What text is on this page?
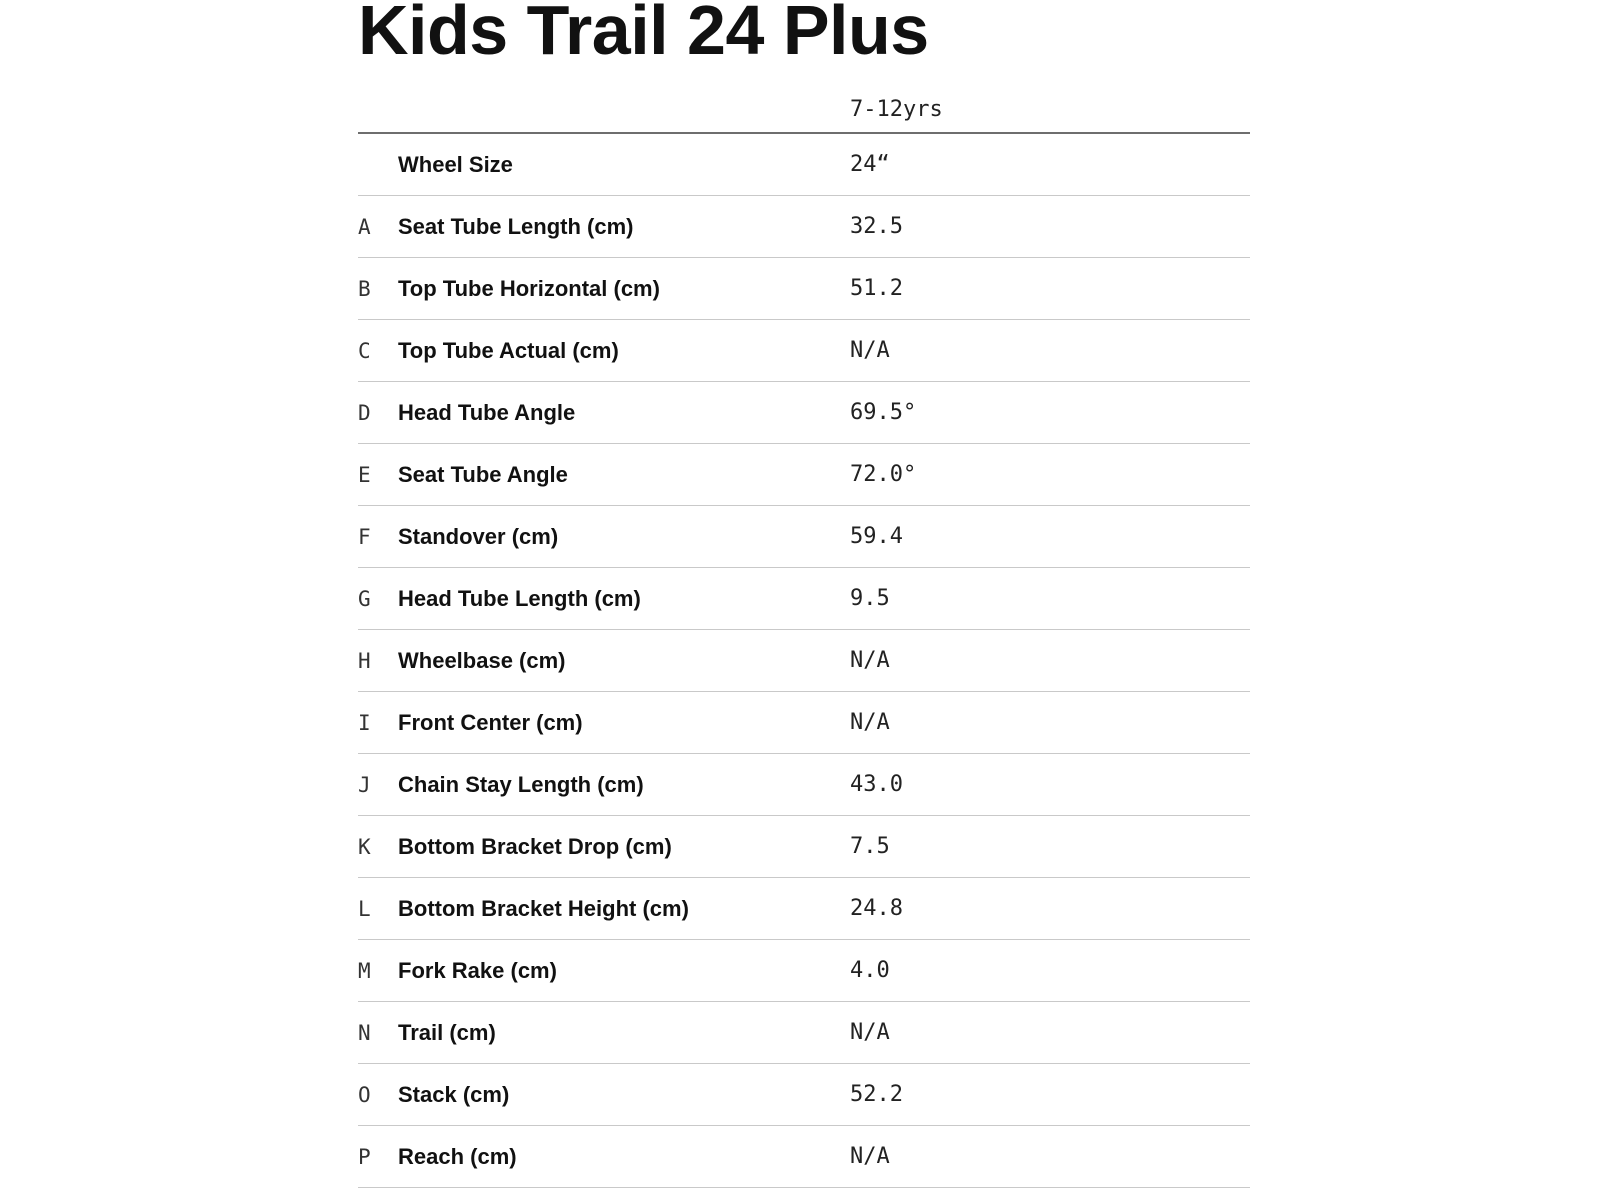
Kids Trail 24 Plus
7-12yrs
Wheel Size	24“
A	Seat Tube Length (cm)	32.5
B	Top Tube Horizontal (cm)	51.2
C	Top Tube Actual (cm)	N/A
D	Head Tube Angle	69.5°
E	Seat Tube Angle	72.0°
F	Standover (cm)	59.4
G	Head Tube Length (cm)	9.5
H	Wheelbase (cm)	N/A
I	Front Center (cm)	N/A
J	Chain Stay Length (cm)	43.0
K	Bottom Bracket Drop (cm)	7.5
L	Bottom Bracket Height (cm)	24.8
M	Fork Rake (cm)	4.0
N	Trail (cm)	N/A
O	Stack (cm)	52.2
P	Reach (cm)	N/A
